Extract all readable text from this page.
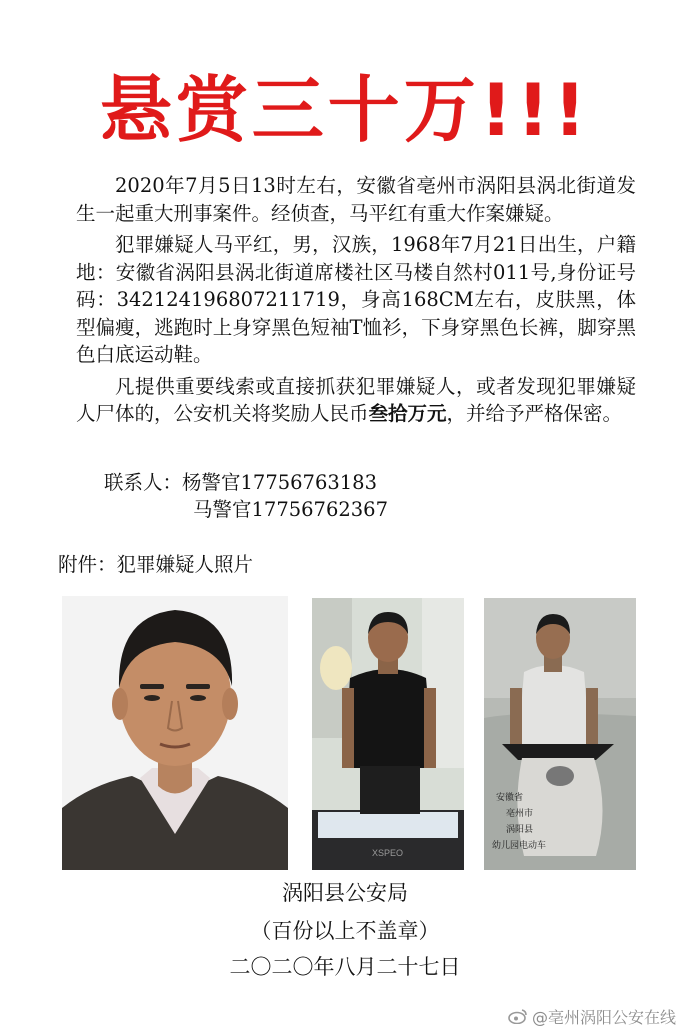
悬赏三十万!!!

2020年7月5日13时左右，安徽省亳州市涡阳县涡北街道发生一起重大刑事案件。经侦查，马平红有重大作案嫌疑。

犯罪嫌疑人马平红，男，汉族，1968年7月21日出生，户籍地：安徽省涡阳县涡北街道席楼社区马楼自然村011号,身份证号码：342124196807211719，身高168CM左右，皮肤黑，体型偏瘦，逃跑时上身穿黑色短袖T恤衫，下身穿黑色长裤，脚穿黑色白底运动鞋。

凡提供重要线索或直接抓获犯罪嫌疑人，或者发现犯罪嫌疑人尸体的，公安机关将奖励人民币叁拾万元，并给予严格保密。

联系人：杨警官17756763183
马警官17756762367
附件：犯罪嫌疑人照片
XSPEO
安徽省
亳州市
涡阳县
幼儿园电动车
涡阳县公安局
（百份以上不盖章）
二〇二〇年八月二十七日
@亳州涡阳公安在线
